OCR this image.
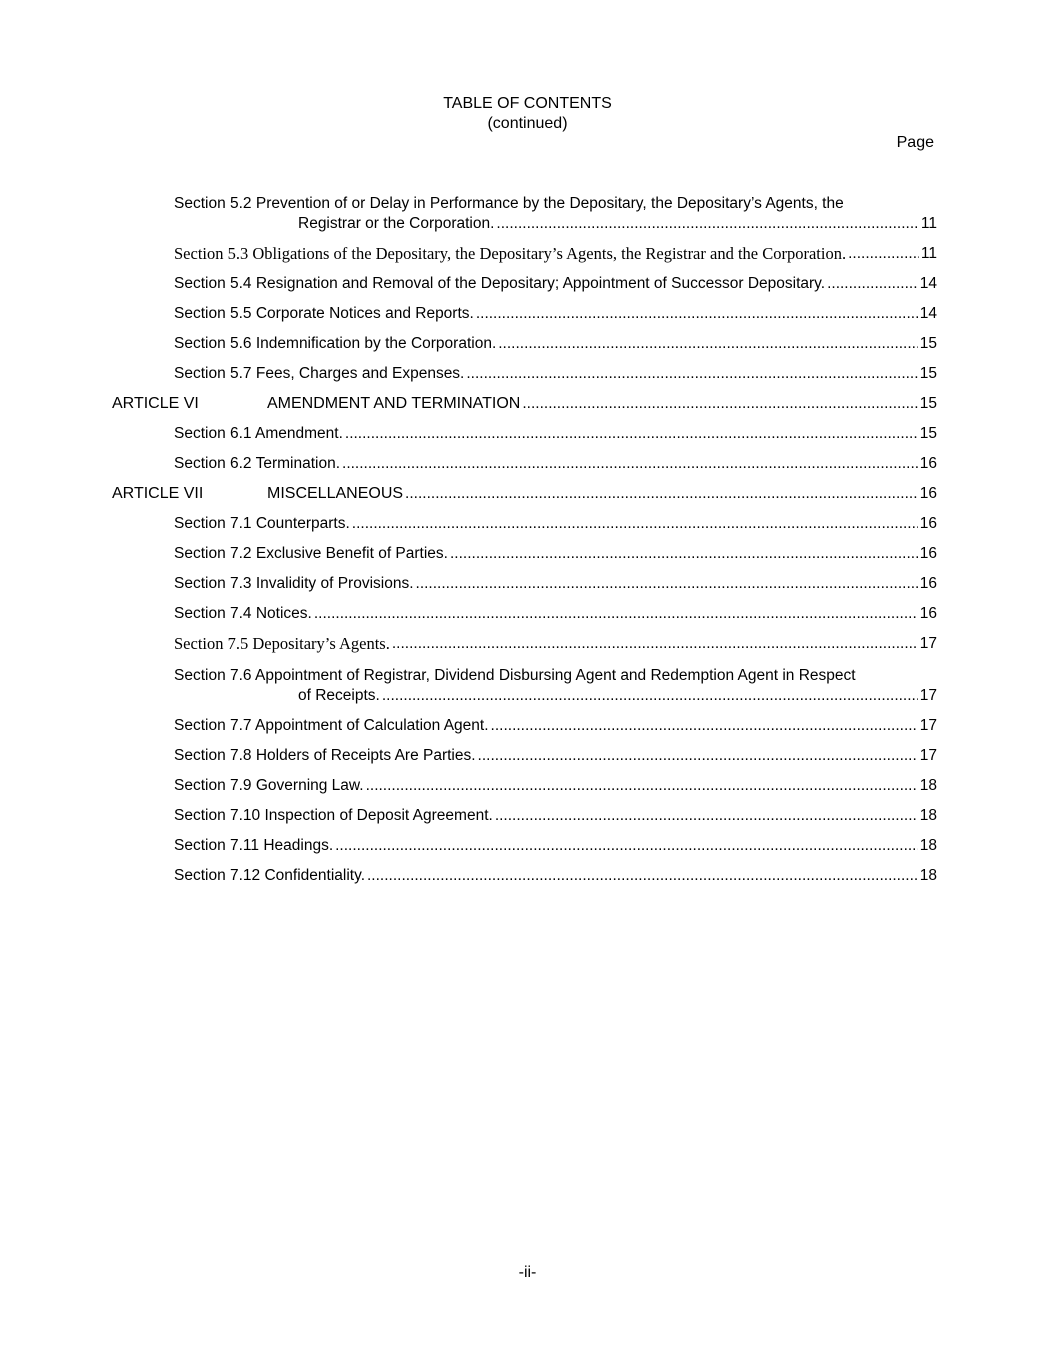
TABLE OF CONTENTS
(continued)
Page
Section 5.2 Prevention of or Delay in Performance by the Depositary, the Depositary’s Agents, the
Registrar or the Corporation. .....	11
Section 5.3 Obligations of the Depositary, the Depositary’s Agents, the Registrar and the Corporation. .....	11
Section 5.4 Resignation and Removal of the Depositary; Appointment of Successor Depositary. .....	14
Section 5.5 Corporate Notices and Reports. .....	14
Section 5.6 Indemnification by the Corporation. .....	15
Section 5.7 Fees, Charges and Expenses. .....	15
ARTICLE VI	AMENDMENT AND TERMINATION .....	15
Section 6.1 Amendment. .....	15
Section 6.2 Termination. .....	16
ARTICLE VII	MISCELLANEOUS .....	16
Section 7.1 Counterparts. .....	16
Section 7.2 Exclusive Benefit of Parties. .....	16
Section 7.3 Invalidity of Provisions. .....	16
Section 7.4 Notices. .....	16
Section 7.5 Depositary’s Agents. .....	17
Section 7.6 Appointment of Registrar, Dividend Disbursing Agent and Redemption Agent in Respect
of Receipts. .....	17
Section 7.7 Appointment of Calculation Agent. .....	17
Section 7.8 Holders of Receipts Are Parties. .....	17
Section 7.9 Governing Law. .....	18
Section 7.10 Inspection of Deposit Agreement. .....	18
Section 7.11 Headings. .....	18
Section 7.12 Confidentiality. .....	18
-ii-
